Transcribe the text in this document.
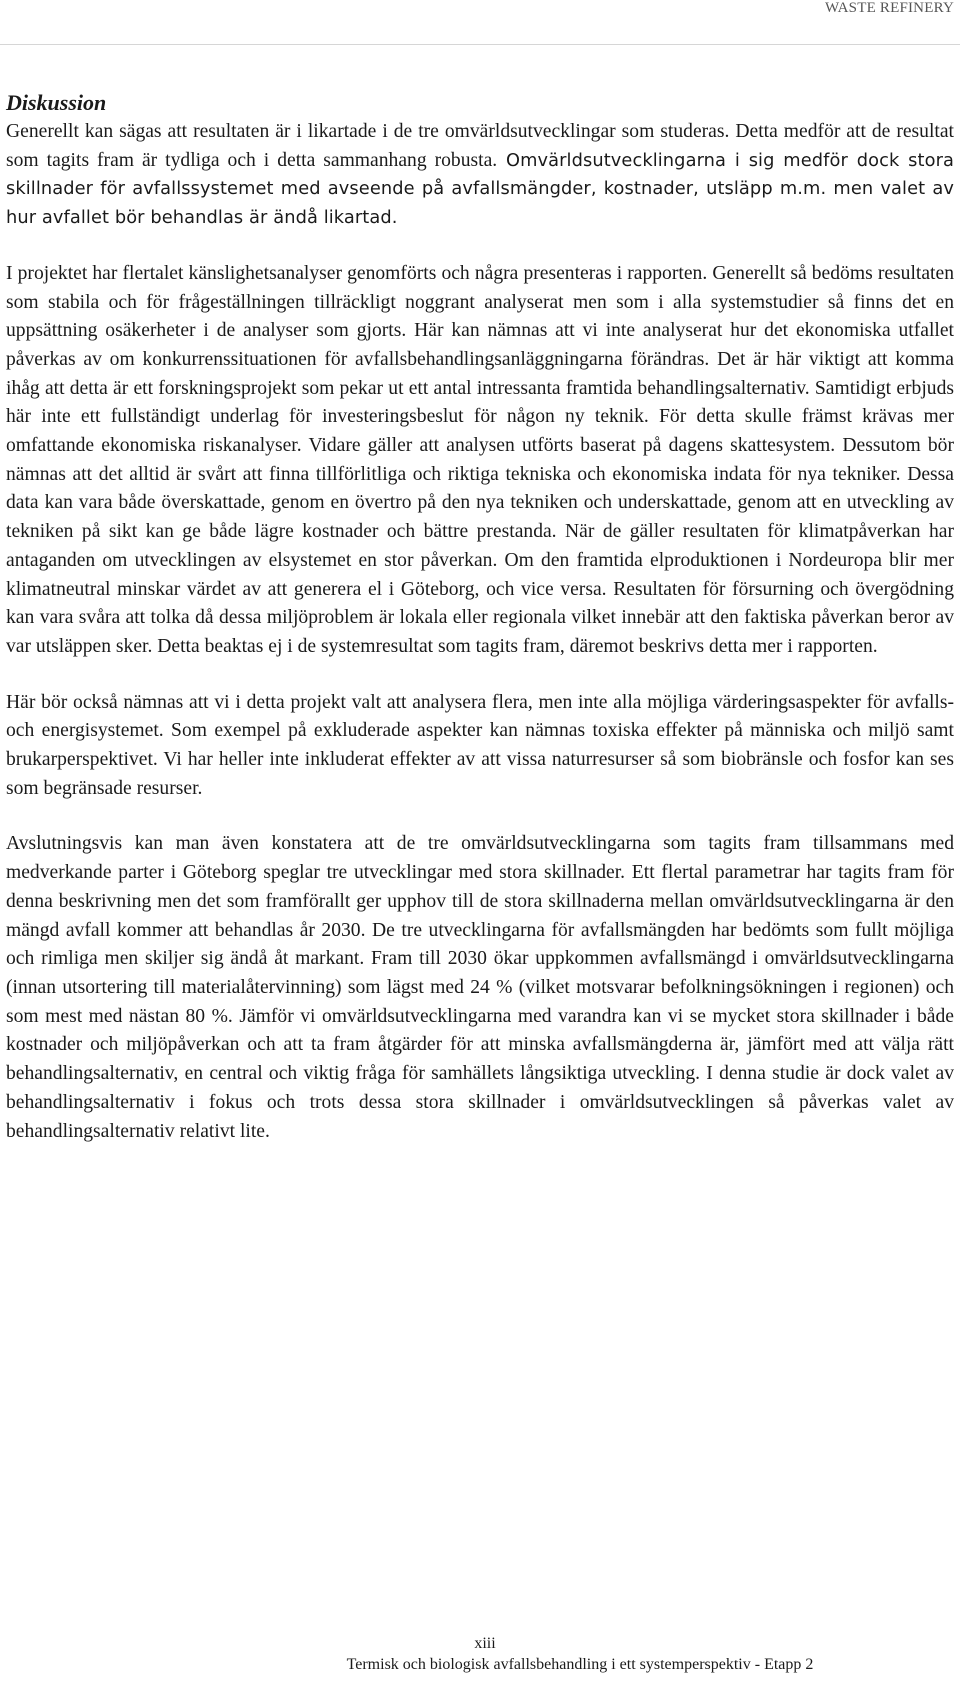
WASTE REFINERY
Diskussion

Generellt kan sägas att resultaten är i likartade i de tre omvärldsutvecklingar som studeras. Detta medför att de resultat som tagits fram är tydliga och i detta sammanhang robusta. Omvärldsutvecklingarna i sig medför dock stora skillnader för avfallssystemet med avseende på avfallsmängder, kostnader, utsläpp m.m. men valet av hur avfallet bör behandlas är ändå likartad.

I projektet har flertalet känslighetsanalyser genomförts och några presenteras i rapporten. Generellt så bedöms resultaten som stabila och för frågeställningen tillräckligt noggrant analyserat men som i alla systemstudier så finns det en uppsättning osäkerheter i de analyser som gjorts. Här kan nämnas att vi inte analyserat hur det ekonomiska utfallet påverkas av om konkurrenssituationen för avfallsbehandlingsanläggningarna förändras. Det är här viktigt att komma ihåg att detta är ett forskningsprojekt som pekar ut ett antal intressanta framtida behandlingsalternativ. Samtidigt erbjuds här inte ett fullständigt underlag för investeringsbeslut för någon ny teknik. För detta skulle främst krävas mer omfattande ekonomiska riskanalyser. Vidare gäller att analysen utförts baserat på dagens skattesystem. Dessutom bör nämnas att det alltid är svårt att finna tillförlitliga och riktiga tekniska och ekonomiska indata för nya tekniker. Dessa data kan vara både överskattade, genom en övertro på den nya tekniken och underskattade, genom att en utveckling av tekniken på sikt kan ge både lägre kostnader och bättre prestanda. När de gäller resultaten för klimatpåverkan har antaganden om utvecklingen av elsystemet en stor påverkan. Om den framtida elproduktionen i Nordeuropa blir mer klimatneutral minskar värdet av att generera el i Göteborg, och vice versa. Resultaten för försurning och övergödning kan vara svåra att tolka då dessa miljöproblem är lokala eller regionala vilket innebär att den faktiska påverkan beror av var utsläppen sker. Detta beaktas ej i de systemresultat som tagits fram, däremot beskrivs detta mer i rapporten.

Här bör också nämnas att vi i detta projekt valt att analysera flera, men inte alla möjliga värderingsaspekter för avfalls- och energisystemet. Som exempel på exkluderade aspekter kan nämnas toxiska effekter på människa och miljö samt brukarperspektivet. Vi har heller inte inkluderat effekter av att vissa naturresurser så som biobränsle och fosfor kan ses som begränsade resurser.

Avslutningsvis kan man även konstatera att de tre omvärldsutvecklingarna som tagits fram tillsammans med medverkande parter i Göteborg speglar tre utvecklingar med stora skillnader. Ett flertal parametrar har tagits fram för denna beskrivning men det som framförallt ger upphov till de stora skillnaderna mellan omvärldsutvecklingarna är den mängd avfall kommer att behandlas år 2030. De tre utvecklingarna för avfallsmängden har bedömts som fullt möjliga och rimliga men skiljer sig ändå åt markant. Fram till 2030 ökar uppkommen avfallsmängd i omvärldsutvecklingarna (innan utsortering till materialåtervinning) som lägst med 24 % (vilket motsvarar befolkningsökningen i regionen) och som mest med nästan 80 %. Jämför vi omvärldsutvecklingarna med varandra kan vi se mycket stora skillnader i både kostnader och miljöpåverkan och att ta fram åtgärder för att minska avfallsmängderna är, jämfört med att välja rätt behandlingsalternativ, en central och viktig fråga för samhällets långsiktiga utveckling. I denna studie är dock valet av behandlingsalternativ i fokus och trots dessa stora skillnader i omvärldsutvecklingen så påverkas valet av behandlingsalternativ relativt lite.

xiii
Termisk och biologisk avfallsbehandling i ett systemperspektiv - Etapp 2
